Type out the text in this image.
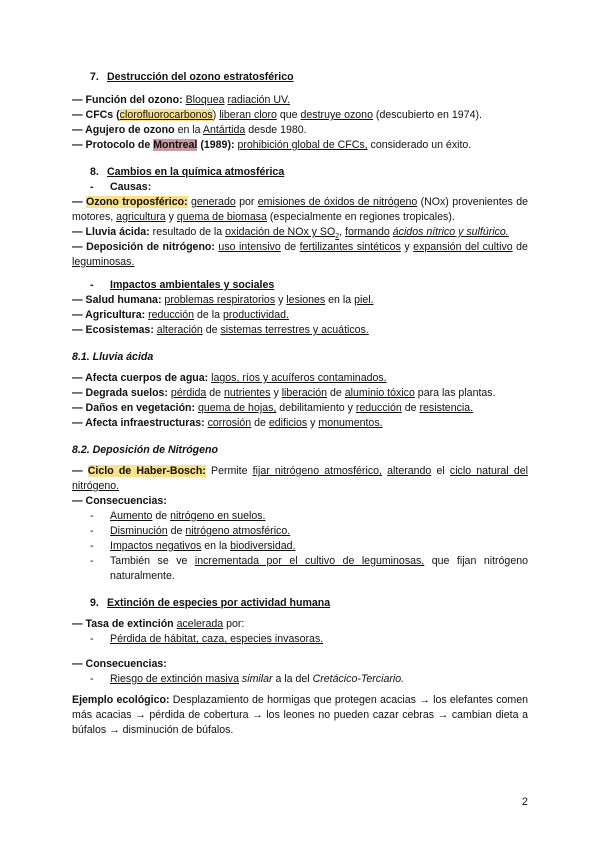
7. Destrucción del ozono estratosférico
— Función del ozono: Bloquea radiación UV.
— CFCs (clorofluorocarbonos) liberan cloro que destruye ozono (descubierto en 1974).
— Agujero de ozono en la Antártida desde 1980.
— Protocolo de Montreal (1989): prohibición global de CFCs, considerado un éxito.
8. Cambios en la química atmosférica
- Causas:
— Ozono troposférico: generado por emisiones de óxidos de nitrógeno (NOx) provenientes de motores, agricultura y quema de biomasa (especialmente en regiones tropicales).
— Lluvia ácida: resultado de la oxidación de NOx y $SO_2$, formando ácidos nítrico y sulfúrico.
— Deposición de nitrógeno: uso intensivo de fertilizantes sintéticos y expansión del cultivo de leguminosas.
- Impactos ambientales y sociales
— Salud humana: problemas respiratorios y lesiones en la piel.
— Agricultura: reducción de la productividad.
— Ecosistemas: alteración de sistemas terrestres y acuáticos.
8.1. Lluvia ácida
— Afecta cuerpos de agua: lagos, ríos y acuíferos contaminados.
— Degrada suelos: pérdida de nutrientes y liberación de aluminio tóxico para las plantas.
— Daños en vegetación: quema de hojas, debilitamiento y reducción de resistencia.
— Afecta infraestructuras: corrosión de edificios y monumentos.
8.2. Deposición de Nitrógeno
— Ciclo de Haber-Bosch: Permite fijar nitrógeno atmosférico, alterando el ciclo natural del nitrógeno.
— Consecuencias:
- Aumento de nitrógeno en suelos.
- Disminución de nitrógeno atmosférico.
- Impactos negativos en la biodiversidad.
- También se ve incrementada por el cultivo de leguminosas, que fijan nitrógeno naturalmente.
9. Extinción de especies por actividad humana
— Tasa de extinción acelerada por:
- Pérdida de hábitat, caza, especies invasoras.
— Consecuencias:
- Riesgo de extinción masiva similar a la del Cretácico-Terciario.
Ejemplo ecológico: Desplazamiento de hormigas que protegen acacias → los elefantes comen más acacias → pérdida de cobertura → los leones no pueden cazar cebras → cambian dieta a búfalos → disminución de búfalos.
2
